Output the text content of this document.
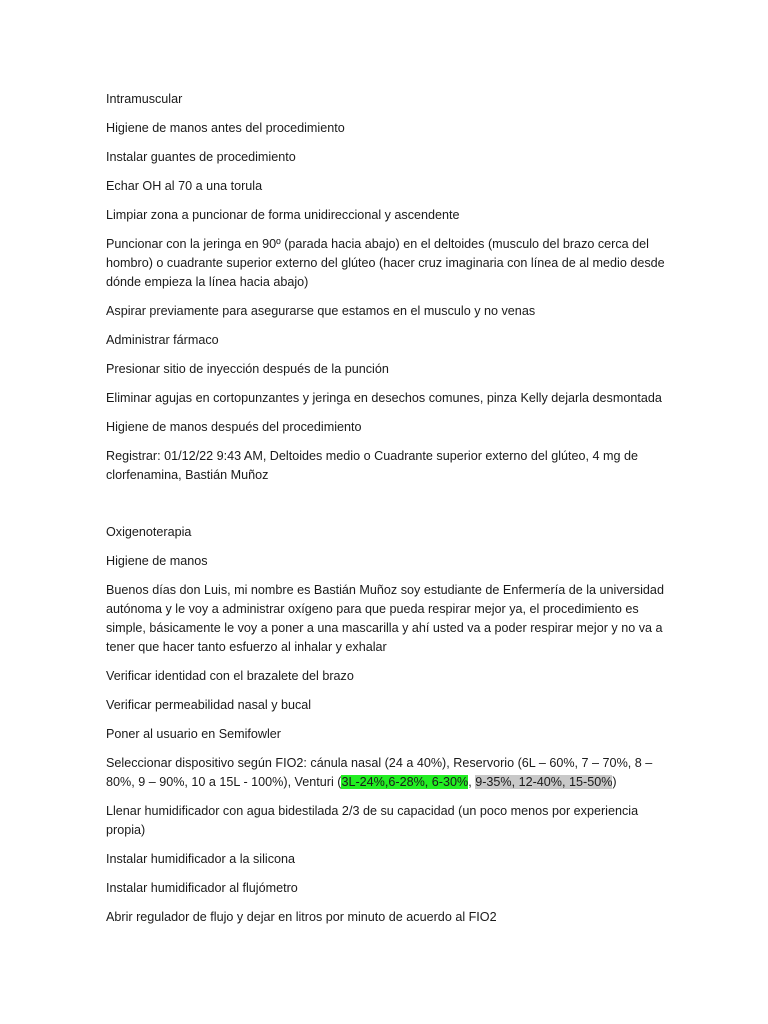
Intramuscular

Higiene de manos antes del procedimiento

Instalar guantes de procedimiento

Echar OH al 70 a una torula

Limpiar zona a puncionar de forma unidireccional y ascendente

Puncionar con la jeringa en 90º (parada hacia abajo) en el deltoides (musculo del brazo cerca del hombro) o cuadrante superior externo del glúteo (hacer cruz imaginaria con línea de al medio desde dónde empieza la línea hacia abajo)

Aspirar previamente para asegurarse que estamos en el musculo y no venas

Administrar fármaco

Presionar sitio de inyección después de la punción

Eliminar agujas en cortopunzantes y jeringa en desechos comunes, pinza Kelly dejarla desmontada

Higiene de manos después del procedimiento

Registrar: 01/12/22 9:43 AM, Deltoides medio o Cuadrante superior externo del glúteo, 4 mg de clorfenamina, Bastián Muñoz

Oxigenoterapia

Higiene de manos

Buenos días don Luis, mi nombre es Bastián Muñoz soy estudiante de Enfermería de la universidad autónoma y le voy a administrar oxígeno para que pueda respirar mejor ya, el procedimiento es simple, básicamente le voy a poner a una mascarilla y ahí usted va a poder respirar mejor y no va a tener que hacer tanto esfuerzo al inhalar y exhalar

Verificar identidad con el brazalete del brazo

Verificar permeabilidad nasal y bucal

Poner al usuario en Semifowler

Seleccionar dispositivo según FIO2: cánula nasal (24 a 40%), Reservorio (6L – 60%, 7 – 70%, 8 – 80%, 9 – 90%, 10 a 15L - 100%), Venturi (3L-24%,6-28%, 6-30%, 9-35%, 12-40%, 15-50%)

Llenar humidificador con agua bidestilada 2/3 de su capacidad (un poco menos por experiencia propia)

Instalar humidificador a la silicona

Instalar humidificador al flujómetro

Abrir regulador de flujo y dejar en litros por minuto de acuerdo al FIO2
